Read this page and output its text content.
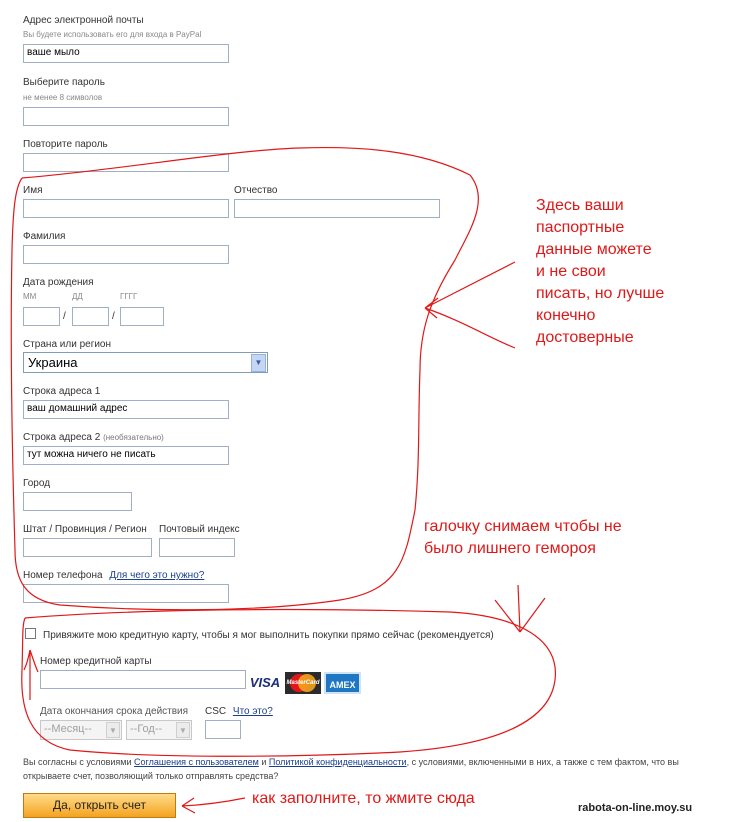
Адрес электронной почты
Вы будете использовать его для входа в PayPal
ваше мыло
Выберите пароль
не менее 8 символов
Повторите пароль
Имя	Отчество
Фамилия
Дата рождения
ММ	ДД	ГГГГ
/	/
Страна или регион
Украина	▼
Строка адреса 1
ваш домашний адрес
Строка адреса 2 (необязательно)
тут можна ничего не писать
Город
Штат / Провинция / Регион Почтовый индекс
Номер телефона Для чего это нужно?
Привяжите мою кредитную карту, чтобы я мог выполнить покупки прямо сейчас (рекомендуется)
Номер кредитной карты
VISA	MasterCard	AMEX
Дата окончания срока действия CSC Что это?
--Месяц--	▼	--Год--	▼
Вы согласны с условиями Соглашения с пользователем и Политикой конфиденциальности, с условиями, включенными в них, а также с тем фактом, что вы открываете счет, позволяющий только отправлять средства?
Да, открыть счет
Здесь ваши
паспортные
данные можете
и не свои
писать, но лучше
конечно
достоверные
галочку снимаем чтобы не
было лишнего гемороя
как заполните, то жмите сюда
rabota-on-line.moy.su
